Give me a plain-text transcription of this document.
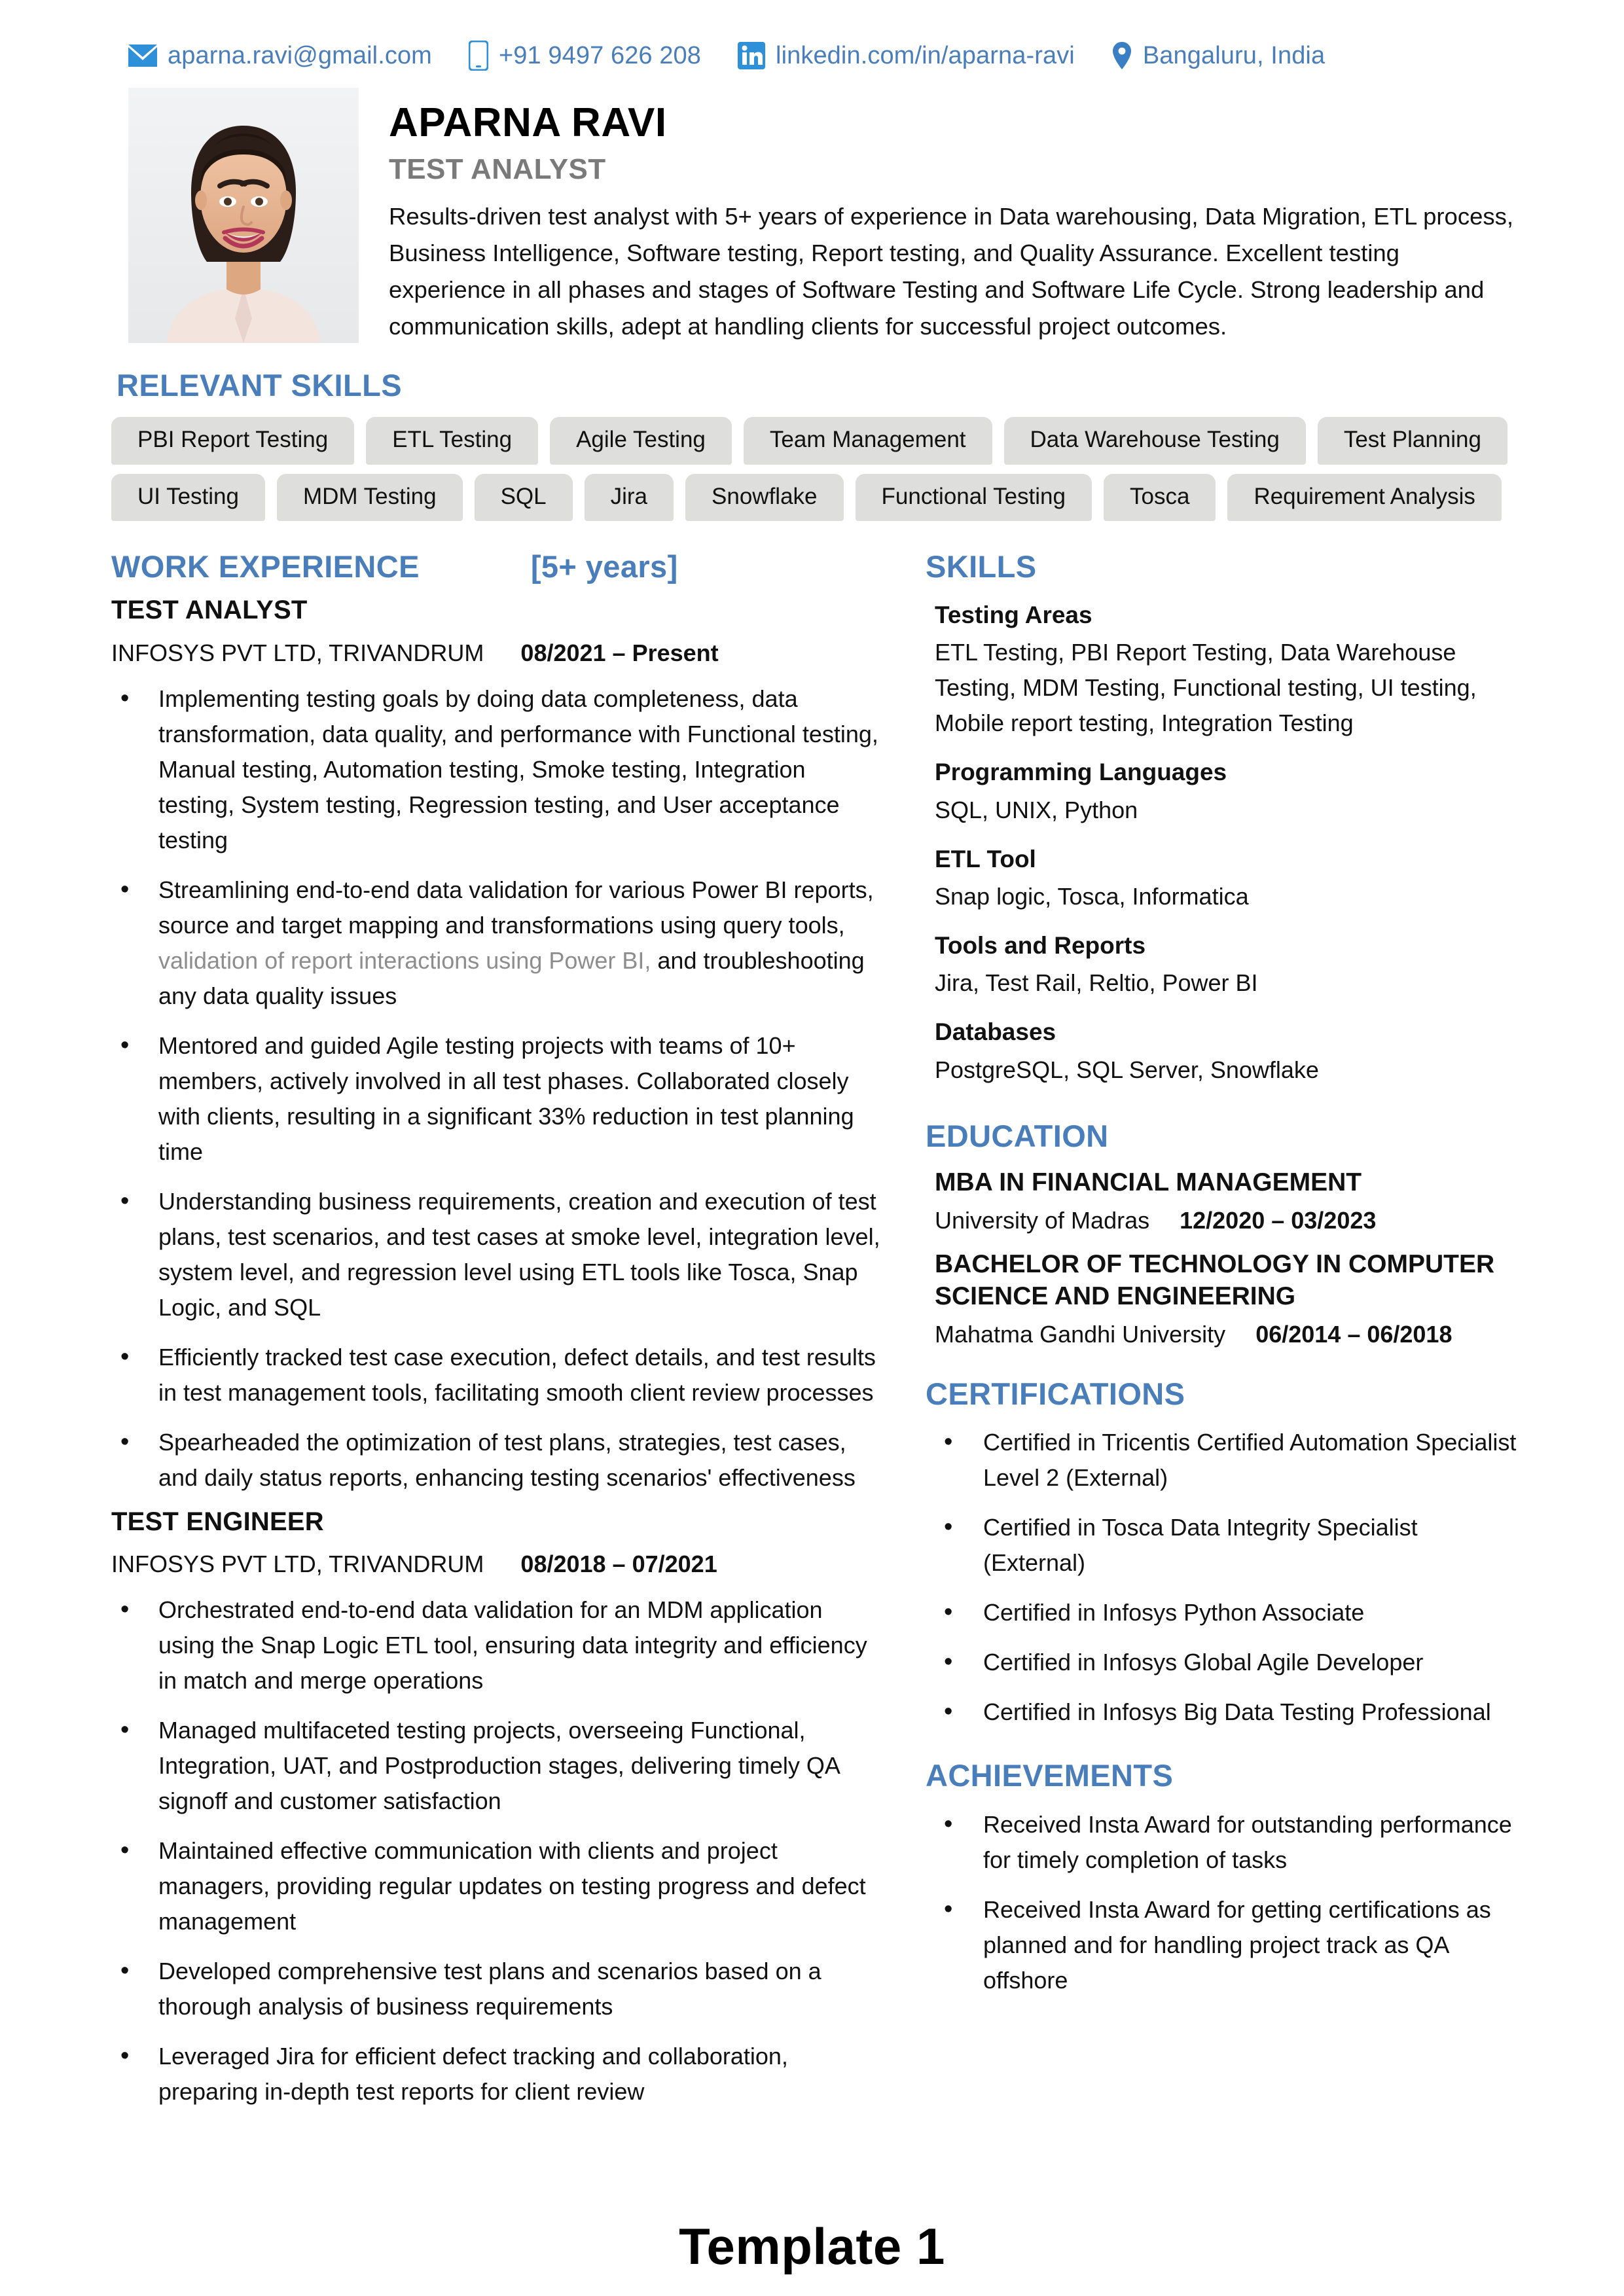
aparna.ravi@gmail.com	+91 9497 626 208	linkedin.com/in/aparna-ravi	Bangaluru, India
APARNA RAVI
TEST ANALYST
Results-driven test analyst with 5+ years of experience in Data warehousing, Data Migration, ETL process, Business Intelligence, Software testing, Report testing, and Quality Assurance. Excellent testing experience in all phases and stages of Software Testing and Software Life Cycle. Strong leadership and communication skills, adept at handling clients for successful project outcomes.
RELEVANT SKILLS
PBI Report Testing	ETL Testing	Agile Testing	Team Management	Data Warehouse Testing	Test Planning
UI Testing	MDM Testing	SQL	Jira	Snowflake	Functional Testing	Tosca	Requirement Analysis
WORK EXPERIENCE	[5+ years]
TEST ANALYST
INFOSYS PVT LTD, TRIVANDRUM 08/2021 – Present
• Implementing testing goals by doing data completeness, data transformation, data quality, and performance with Functional testing, Manual testing, Automation testing, Smoke testing, Integration testing, System testing, Regression testing, and User acceptance testing
• Streamlining end-to-end data validation for various Power BI reports, source and target mapping and transformations using query tools, validation of report interactions using Power BI, and troubleshooting any data quality issues
• Mentored and guided Agile testing projects with teams of 10+ members, actively involved in all test phases. Collaborated closely with clients, resulting in a significant 33% reduction in test planning time
• Understanding business requirements, creation and execution of test plans, test scenarios, and test cases at smoke level, integration level, system level, and regression level using ETL tools like Tosca, Snap Logic, and SQL
• Efficiently tracked test case execution, defect details, and test results in test management tools, facilitating smooth client review processes
• Spearheaded the optimization of test plans, strategies, test cases, and daily status reports, enhancing testing scenarios' effectiveness
TEST ENGINEER
INFOSYS PVT LTD, TRIVANDRUM 08/2018 – 07/2021
• Orchestrated end-to-end data validation for an MDM application using the Snap Logic ETL tool, ensuring data integrity and efficiency in match and merge operations
• Managed multifaceted testing projects, overseeing Functional, Integration, UAT, and Postproduction stages, delivering timely QA signoff and customer satisfaction
• Maintained effective communication with clients and project managers, providing regular updates on testing progress and defect management
• Developed comprehensive test plans and scenarios based on a thorough analysis of business requirements
• Leveraged Jira for efficient defect tracking and collaboration, preparing in-depth test reports for client review
SKILLS
Testing Areas
ETL Testing, PBI Report Testing, Data Warehouse Testing, MDM Testing, Functional testing, UI testing, Mobile report testing, Integration Testing
Programming Languages
SQL, UNIX, Python
ETL Tool
Snap logic, Tosca, Informatica
Tools and Reports
Jira, Test Rail, Reltio, Power BI
Databases
PostgreSQL, SQL Server, Snowflake
EDUCATION
MBA IN FINANCIAL MANAGEMENT
University of Madras 12/2020 – 03/2023
BACHELOR OF TECHNOLOGY IN COMPUTER SCIENCE AND ENGINEERING
Mahatma Gandhi University 06/2014 – 06/2018
CERTIFICATIONS
• Certified in Tricentis Certified Automation Specialist Level 2 (External)
• Certified in Tosca Data Integrity Specialist (External)
• Certified in Infosys Python Associate
• Certified in Infosys Global Agile Developer
• Certified in Infosys Big Data Testing Professional
ACHIEVEMENTS
• Received Insta Award for outstanding performance for timely completion of tasks
• Received Insta Award for getting certifications as planned and for handling project track as QA offshore
Template 1
